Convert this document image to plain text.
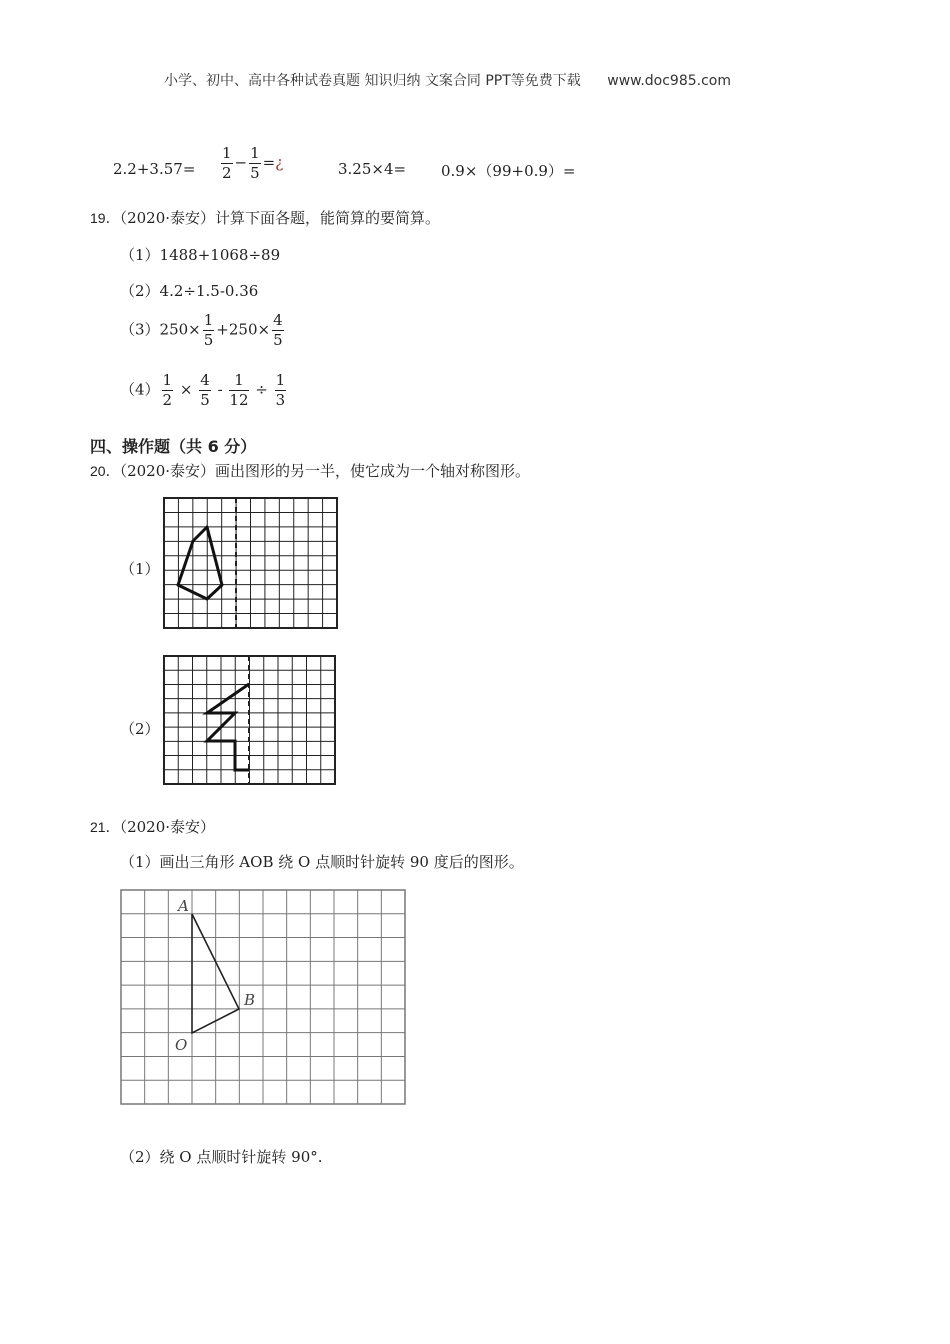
小学、初中、高中各种试卷真题 知识归纳 文案合同 PPT等免费下载 www.doc985.com
$2.2+3.57= \frac{1}{2} - \frac{1}{5}$ =¿	3.25×4= 0.9×（99+0.9）=
19．（2020·泰安）计算下面各题，能简算的要简算。
（1）1488+1068÷89
（2）4.2÷1.5-0.36
$(3)250\times \frac{1}{5} +250\times \frac{4}{5}$
$(4) \frac{1}{2} \times \frac{4}{5} - \frac{1}{12} \div \frac{1}{3}$
四、操作题（共 6 分）
20．（2020·泰安）画出图形的另一半，使它成为一个轴对称图形。
（1）
（2）
21．（2020·泰安）
（1）画出三角形 AOB 绕 O 点顺时针旋转 90 度后的图形。
A
B
O
（2）绕 O 点顺时针旋转 90°.
